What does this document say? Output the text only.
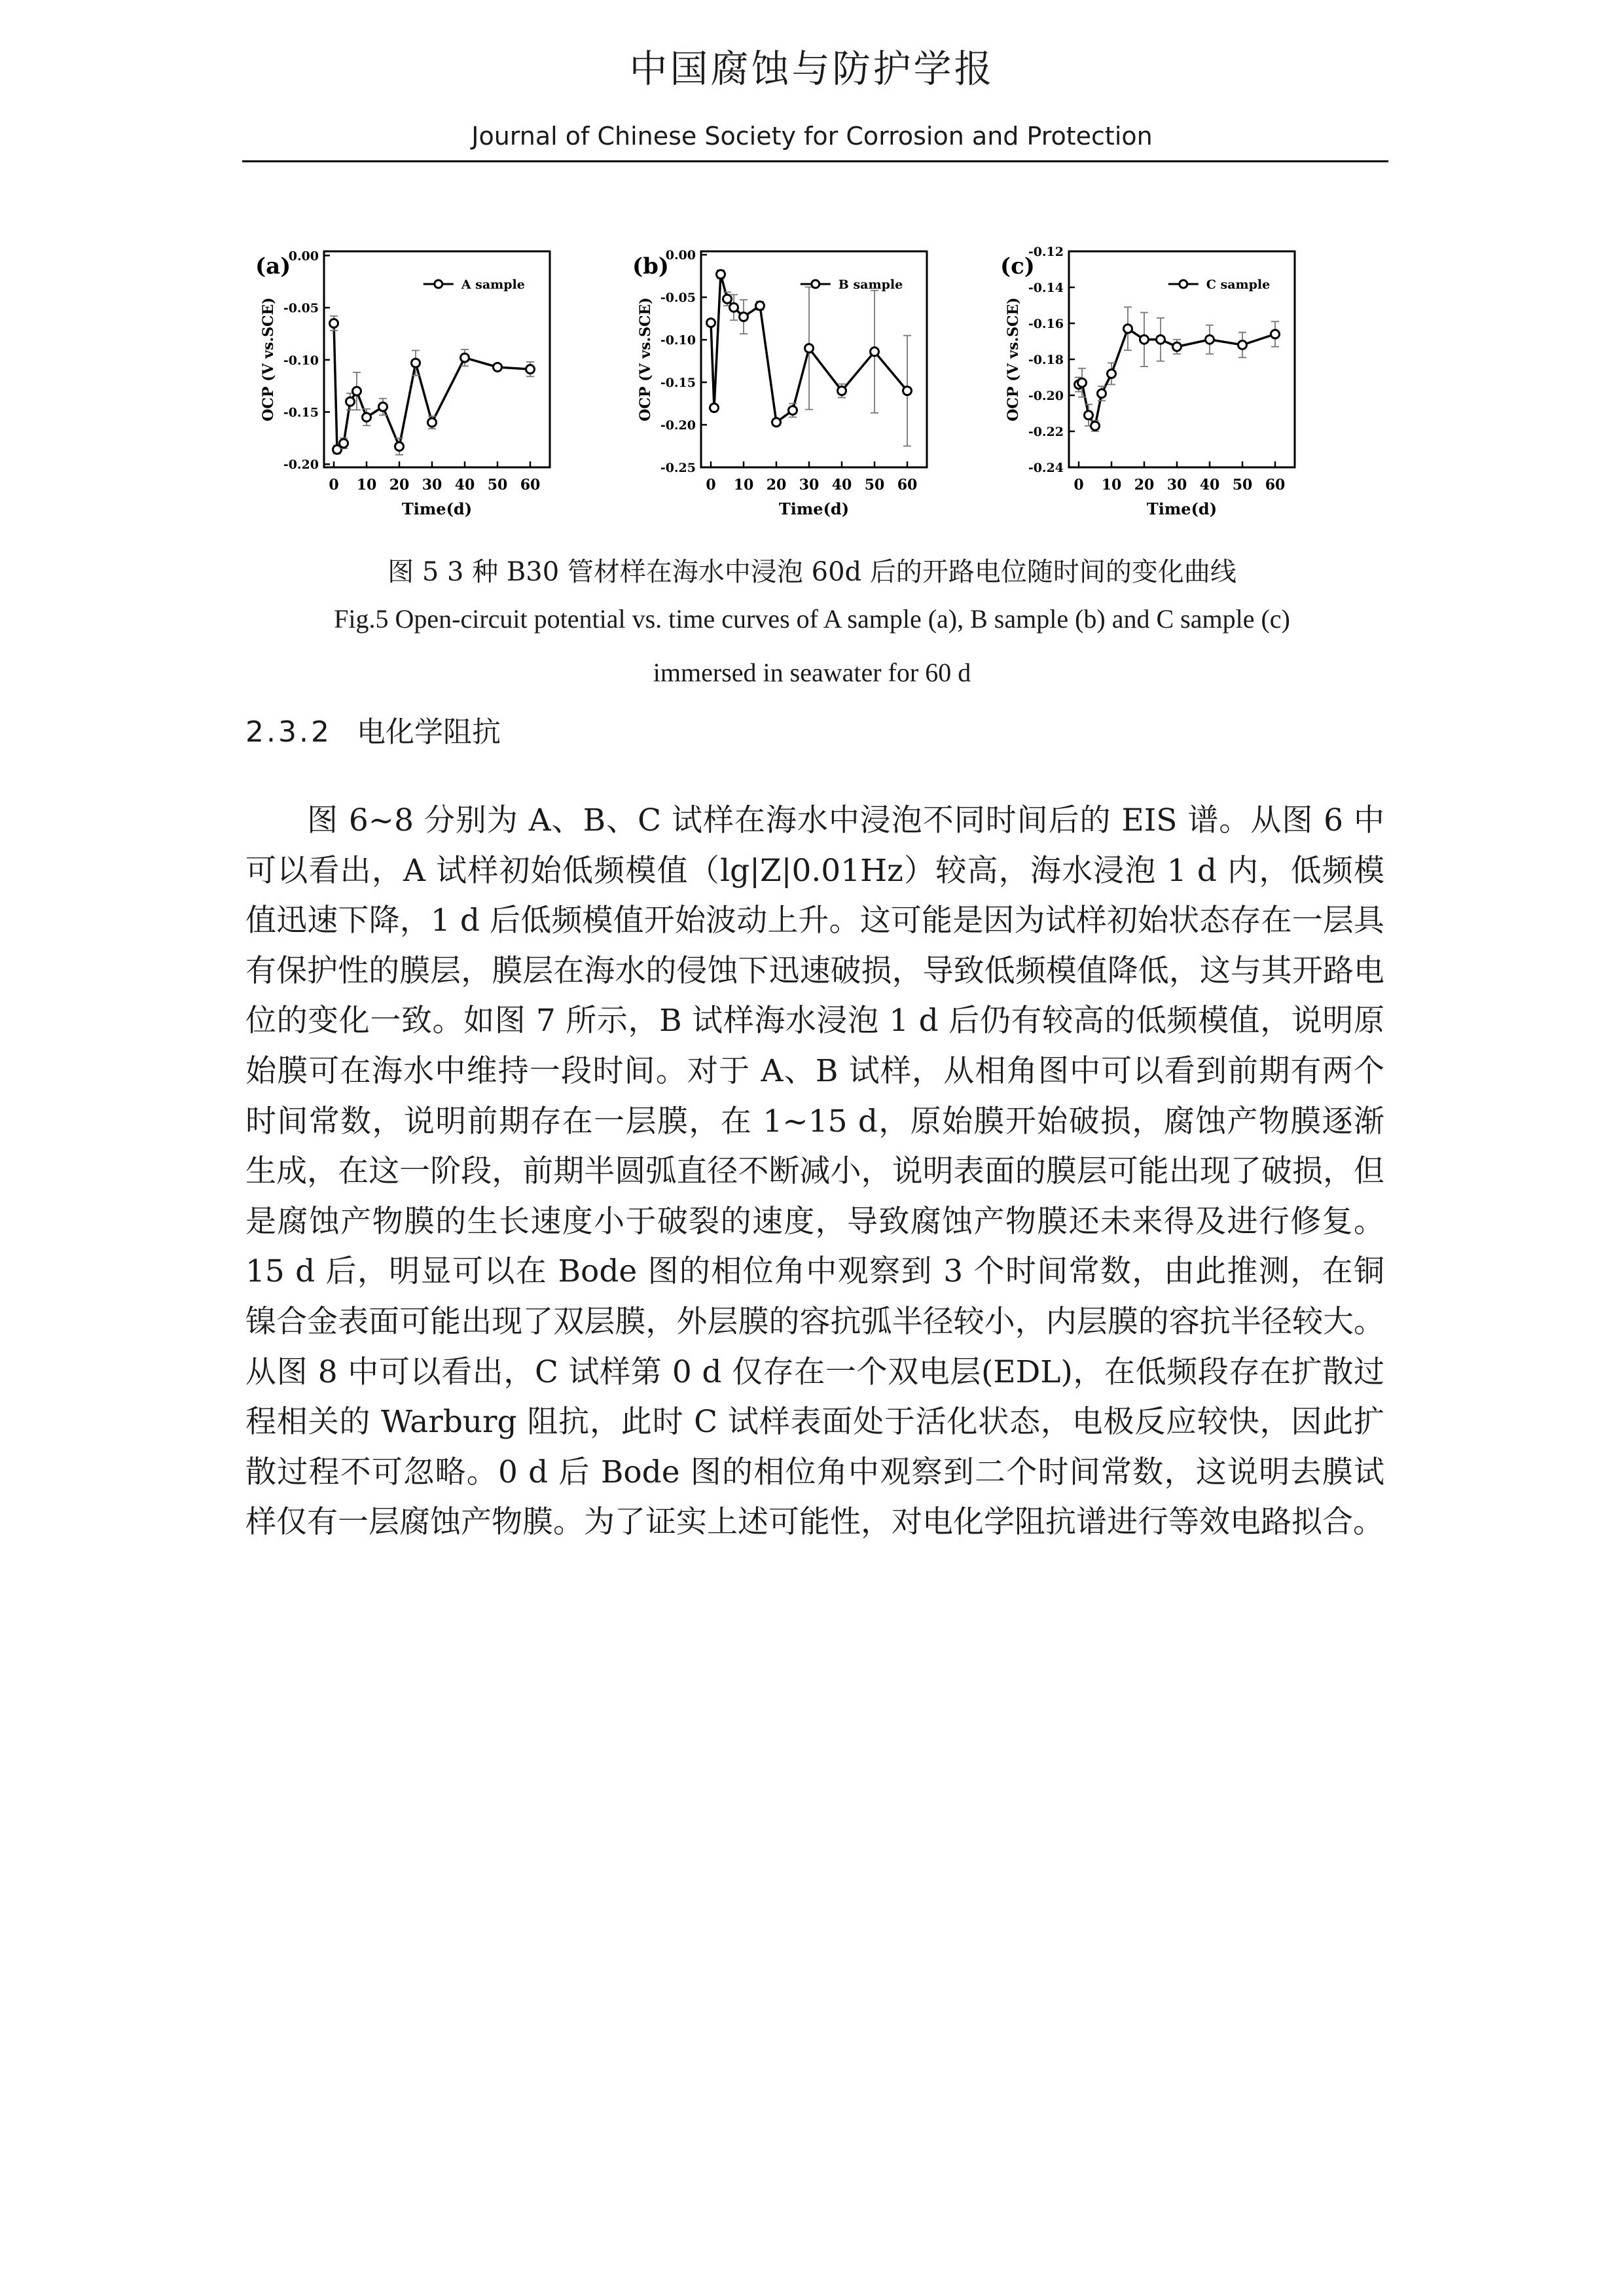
中国腐蚀与防护学报
Journal of Chinese Society for Corrosion and Protection
(a)
0 10 20 30 40 50 60
0.00
-0.05
-0.10
-0.15
-0.20
Time(d)
OCP (V vs.SCE)
A sample
(b)
0 10 20 30 40 50 60
0.00
-0.05
-0.10
-0.15
-0.20
-0.25
Time(d)
OCP (V vs.SCE)
B sample
(c)
0 10 20 30 40 50 60
-0.12
-0.14
-0.16
-0.18
-0.20
-0.22
-0.24
Time(d)
OCP (V vs.SCE)
C sample
图 5 3 种 B30 管材样在海水中浸泡 60d 后的开路电位随时间的变化曲线
Fig.5 Open-circuit potential vs. time curves of A sample (a), B sample (b) and C sample (c)
immersed in seawater for 60 d
2.3.2 电化学阻抗

图 6~8 分别为 A、B、C 试样在海水中浸泡不同时间后的 EIS 谱。从图 6 中可以看出，A 试样初始低频模值（lg|Z|0.01Hz）较高，海水浸泡 1 d 内，低频模值迅速下降，1 d 后低频模值开始波动上升。这可能是因为试样初始状态存在一层具有保护性的膜层，膜层在海水的侵蚀下迅速破损，导致低频模值降低，这与其开路电位的变化一致。如图 7 所示，B 试样海水浸泡 1 d 后仍有较高的低频模值，说明原始膜可在海水中维持一段时间。对于 A、B 试样，从相角图中可以看到前期有两个时间常数，说明前期存在一层膜，在 1~15 d，原始膜开始破损，腐蚀产物膜逐渐生成，在这一阶段，前期半圆弧直径不断减小，说明表面的膜层可能出现了破损，但是腐蚀产物膜的生长速度小于破裂的速度，导致腐蚀产物膜还未来得及进行修复。15 d 后，明显可以在 Bode 图的相位角中观察到 3 个时间常数，由此推测，在铜镍合金表面可能出现了双层膜，外层膜的容抗弧半径较小，内层膜的容抗半径较大。从图 8 中可以看出，C 试样第 0 d 仅存在一个双电层(EDL)，在低频段存在扩散过程相关的 Warburg 阻抗，此时 C 试样表面处于活化状态，电极反应较快，因此扩散过程不可忽略。0 d 后 Bode 图的相位角中观察到二个时间常数，这说明去膜试样仅有一层腐蚀产物膜。为了证实上述可能性，对电化学阻抗谱进行等效电路拟合。
